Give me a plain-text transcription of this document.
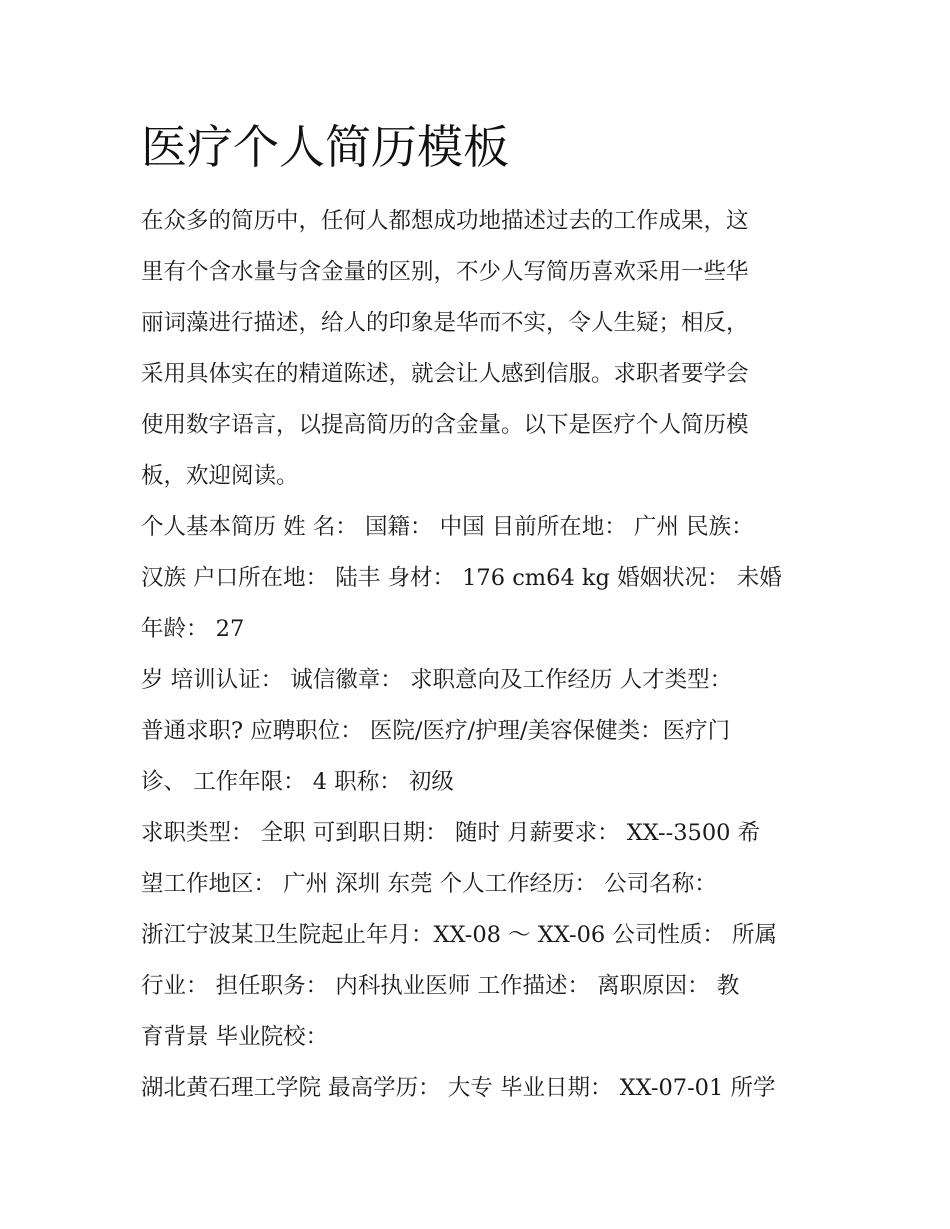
医疗个人简历模板

在众多的简历中，任何人都想成功地描述过去的工作成果，这

里有个含水量与含金量的区别，不少人写简历喜欢采用一些华

丽词藻进行描述，给人的印象是华而不实，令人生疑；相反，

采用具体实在的精道陈述，就会让人感到信服。求职者要学会

使用数字语言，以提高简历的含金量。以下是医疗个人简历模

板，欢迎阅读。

个人基本简历 姓 名： 国籍： 中国 目前所在地： 广州 民族：

汉族 户口所在地： 陆丰 身材： 176 cm64 kg 婚姻状况： 未婚

年龄： 27

岁 培训认证： 诚信徽章： 求职意向及工作经历 人才类型：

普通求职? 应聘职位： 医院/医疗/护理/美容保健类：医疗门

诊、 工作年限： 4 职称： 初级

求职类型： 全职 可到职日期： 随时 月薪要求： XX--3500 希

望工作地区： 广州 深圳 东莞 个人工作经历： 公司名称：

浙江宁波某卫生院起止年月：XX-08 ～ XX-06 公司性质： 所属

行业： 担任职务： 内科执业医师 工作描述： 离职原因： 教

育背景 毕业院校：

湖北黄石理工学院 最高学历： 大专 毕业日期： XX-07-01 所学
